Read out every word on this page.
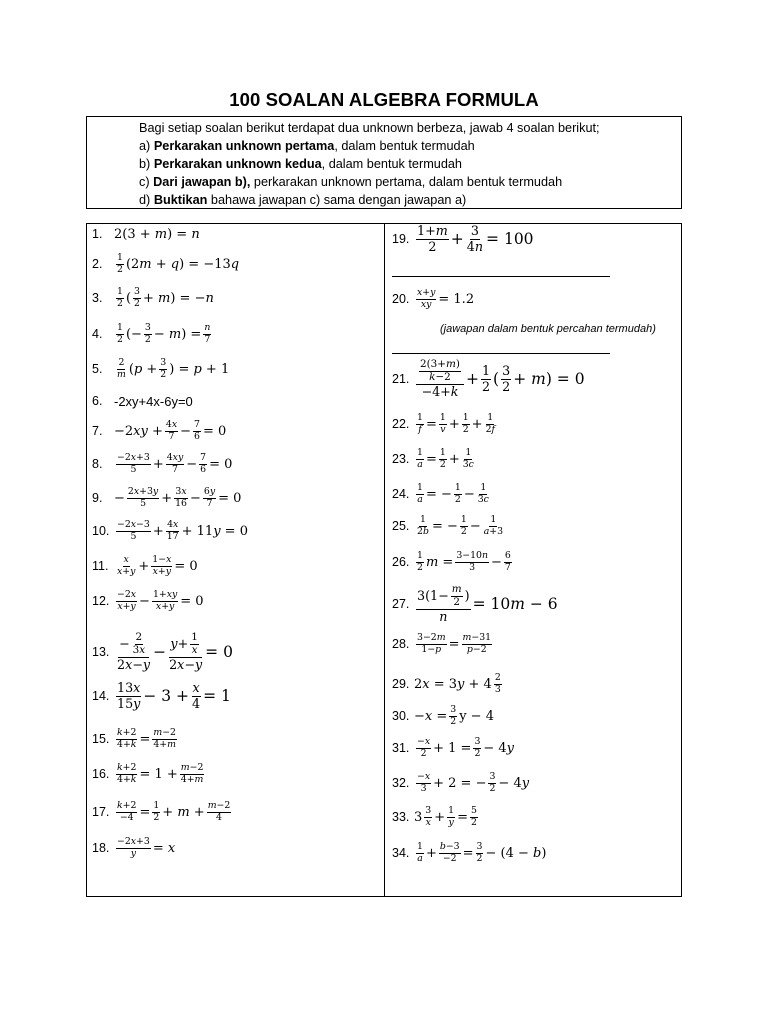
100 SOALAN ALGEBRA FORMULA
Bagi setiap soalan berikut terdapat dua unknown berbeza, jawab 4 soalan berikut;
a) Perkarakan unknown pertama, dalam bentuk termudah
b) Perkarakan unknown kedua, dalam bentuk termudah
c) Dari jawapan b), perkarakan unknown pertama, dalam bentuk termudah
d) Buktikan bahawa jawapan c) sama dengan jawapan a)
1. 2(3 + 𝑚) = 𝑛
2.	$\frac{1}{2}$ (2𝑚 + 𝑞) = −13𝑞
3.	$\frac{1}{2}$ ( $\frac{3}{2}$ + 𝑚) = −𝑛
4.	$\frac{1}{2}$ (− $\frac{3}{2}$ − 𝑚) = $\frac{\text{𝑛}}{7}$
5.	$\frac{2}{\text{𝑚}}$ (𝑝 + $\frac{3}{2}$ ) = 𝑝 + 1
6. -2xy+4x-6y=0
7. −2𝑥𝑦 + $\frac{\text{4𝑥}}{7} - \frac{7}{6} = 0$
8.	$\frac{\text{−2𝑥+3}}{5} + \frac{\text{4𝑥𝑦}}{7} - \frac{7}{6} = 0$
9. − $\frac{\text{2𝑥+3𝑦}}{5} + \frac{\text{3𝑥}}{16} - \frac{\text{6𝑦}}{7} = 0$
10. $\frac{\text{−2𝑥−3}}{5} + \frac{\text{4𝑥}}{17}$ + 11𝑦 = 0
11. $\frac{\text{𝑥}}{\text{𝑥+𝑦}} + \frac{\text{1−𝑥}}{\text{𝑥+𝑦}} = 0$
12. $\frac{\text{−2𝑥}}{\text{𝑥+𝑦}} - \frac{\text{1+𝑥𝑦}}{\text{𝑥+𝑦}} = 0$
13. $\frac{- \frac{2}{\text{3𝑥}}}{\text{2𝑥−𝑦}} - \frac{𝑦+ \frac{1}{\text{𝑥}}}{\text{2𝑥−𝑦}} = 0$
14. $\frac{\text{13𝑥}}{\text{15𝑦}} - 3 + \frac{\text{𝑥}}{4} = 1$
15. $\frac{\text{𝑘+2}}{\text{4+𝑘}} = \frac{\text{𝑚−2}}{\text{4+𝑚}}$
16. $\frac{\text{𝑘+2}}{\text{4+𝑘}} = 1 + \frac{\text{𝑚−2}}{\text{4+𝑚}}$
17. $\frac{\text{𝑘+2}}{-4} = \frac{1}{2}$ + 𝑚 + $\frac{\text{𝑚−2}}{4}$
18. $\frac{\text{−2𝑥+3}}{\text{𝑦}}$ = 𝑥
19. $\frac{\text{1+𝑚}}{2} + \frac{3}{\text{4𝑛}} = 100$
20. $\frac{\text{𝑥+𝑦}}{\text{𝑥𝑦}} = 1.2$
(jawapan dalam bentuk percahan termudah)
21. $\frac{\frac{\text{2(3+𝑚)}}{\text{𝑘−2}}}{\text{−4+𝑘}} + \frac{1}{2}$ ( $\frac{3}{2}$ + 𝑚) = 0
22. $\frac{1}{\text{𝑓}} = \frac{1}{\text{𝑣}} + \frac{1}{2} + \frac{1}{\text{2𝑓}}$
23. $\frac{1}{\text{𝑎}} = \frac{1}{2} + \frac{1}{\text{3𝑐}}$
24. $\frac{1}{\text{𝑎}}$ = − $\frac{1}{2} - \frac{1}{\text{3𝑐}}$
25. $\frac{1}{\text{2𝑏}}$ = − $\frac{1}{2} - \frac{1}{\text{𝑎+3}}$
26. $\frac{1}{2}$ 𝑚 = $\frac{\text{3−10𝑛}}{3} - \frac{6}{7}$
27. $\frac{3(1- \frac{\text{𝑚}}{2} )}{\text{𝑛}}$ = 10𝑚 − 6
28. $\frac{\text{3−2𝑚}}{\text{1−𝑝}} = \frac{\text{𝑚−31}}{\text{𝑝−2}}$
29. 2𝑥 = 3𝑦 + $4 \frac{2}{3}$
30. −𝑥 = $\frac{3}{2}$ y − 4
31. $\frac{\text{−𝑥}}{2} + 1 = \frac{3}{2}$ − 4𝑦
32. $\frac{\text{−𝑥}}{3} + 2$ = − $\frac{3}{2}$ − 4𝑦
33. $3 \frac{3}{\text{𝑥}} + \frac{1}{\text{𝑦}} = \frac{5}{2}$
34. $\frac{1}{\text{𝑎}} + \frac{\text{𝑏−3}}{-2} = \frac{3}{2} - (4$ − 𝑏)
